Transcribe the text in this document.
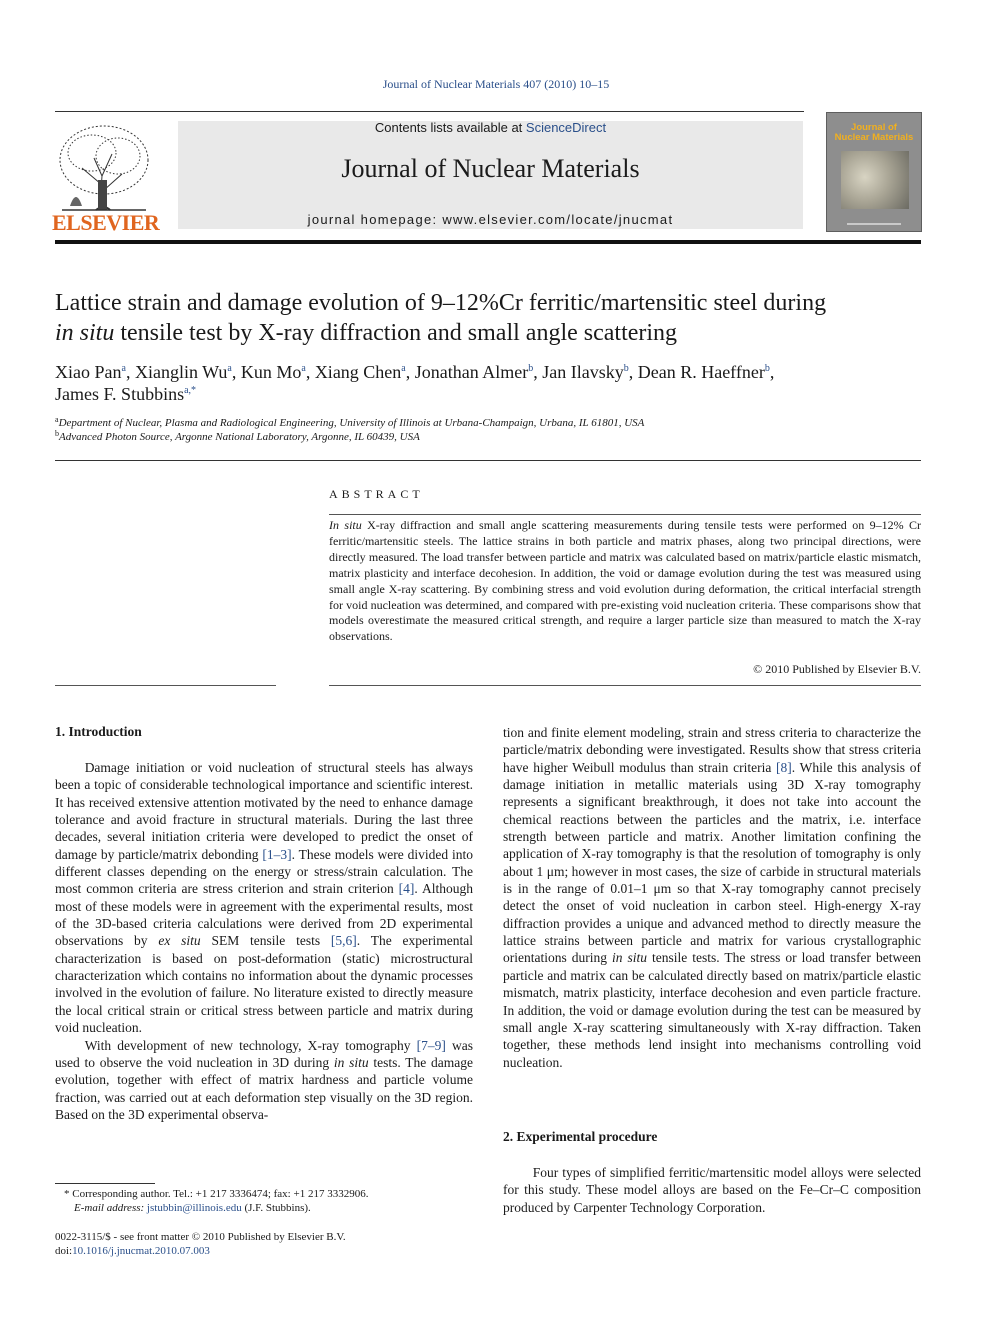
Journal of Nuclear Materials 407 (2010) 10–15
Contents lists available at ScienceDirect
Journal of Nuclear Materials
journal homepage: www.elsevier.com/locate/jnucmat
ELSEVIER
Journal of
Nuclear Materials
Lattice strain and damage evolution of 9–12%Cr ferritic/martensitic steel during
in situ tensile test by X-ray diffraction and small angle scattering
Xiao Pan$^a$, Xianglin Wu$^a$, Kun Mo$^a$, Xiang Chen$^a$, Jonathan Almer$^b$, Jan Ilavsky$^b$, Dean R. Haeffner$^b$,
James F. Stubbins$^{a,*}$
$^a$Department of Nuclear, Plasma and Radiological Engineering, University of Illinois at Urbana-Champaign, Urbana, IL 61801, USA
$^b$Advanced Photon Source, Argonne National Laboratory, Argonne, IL 60439, USA
ABSTRACT
In situ X-ray diffraction and small angle scattering measurements during tensile tests were performed on 9–12% Cr ferritic/martensitic steels. The lattice strains in both particle and matrix phases, along two principal directions, were directly measured. The load transfer between particle and matrix was calculated based on matrix/particle elastic mismatch, matrix plasticity and interface decohesion. In addition, the void or damage evolution during the test was measured using small angle X-ray scattering. By combining stress and void evolution during deformation, the critical interfacial strength for void nucleation was determined, and compared with pre-existing void nucleation criteria. These comparisons show that models overestimate the measured critical strength, and require a larger particle size than measured to match the X-ray observations.
© 2010 Published by Elsevier B.V.
1. Introduction

Damage initiation or void nucleation of structural steels has always been a topic of considerable technological importance and scientific interest. It has received extensive attention motivated by the need to enhance damage tolerance and avoid fracture in structural materials. During the last three decades, several initiation criteria were developed to predict the onset of damage by particle/matrix debonding [1–3]. These models were divided into different classes depending on the energy or stress/strain calculation. The most common criteria are stress criterion and strain criterion [4]. Although most of these models were in agreement with the experimental results, most of the 3D-based criteria calculations were derived from 2D experimental observations by ex situ SEM tensile tests [5,6]. The experimental characterization is based on post-deformation (static) microstructural characterization which contains no information about the dynamic processes involved in the evolution of failure. No literature existed to directly measure the local critical strain or critical stress between particle and matrix during void nucleation.

With development of new technology, X-ray tomography [7–9] was used to observe the void nucleation in 3D during in situ tests. The damage evolution, together with effect of matrix hardness and particle volume fraction, was carried out at each deformation step visually on the 3D region. Based on the 3D experimental observa-

tion and finite element modeling, strain and stress criteria to characterize the particle/matrix debonding were investigated. Results show that stress criteria have higher Weibull modulus than strain criteria [8]. While this analysis of damage initiation in metallic materials using 3D X-ray tomography represents a significant breakthrough, it does not take into account the chemical reactions between the particles and the matrix, i.e. interface strength between particle and matrix. Another limitation confining the application of X-ray tomography is that the resolution of tomography is only about 1 μm; however in most cases, the size of carbide in structural materials is in the range of 0.01–1 μm so that X-ray tomography cannot precisely detect the onset of void nucleation in carbon steel. High-energy X-ray diffraction provides a unique and advanced method to directly measure the lattice strains between particle and matrix for various crystallographic orientations during in situ tensile tests. The stress or load transfer between particle and matrix can be calculated directly based on matrix/particle elastic mismatch, matrix plasticity, interface decohesion and even particle fracture. In addition, the void or damage evolution during the test can be measured by small angle X-ray scattering simultaneously with X-ray diffraction. Taken together, these methods lend insight into mechanisms controlling void nucleation.

2. Experimental procedure

Four types of simplified ferritic/martensitic model alloys were selected for this study. These model alloys are based on the Fe–Cr–C composition produced by Carpenter Technology Corporation.

* Corresponding author. Tel.: +1 217 3336474; fax: +1 217 3332906.
E-mail address: jstubbin@illinois.edu (J.F. Stubbins).
0022-3115/$ - see front matter © 2010 Published by Elsevier B.V.
doi:10.1016/j.jnucmat.2010.07.003
